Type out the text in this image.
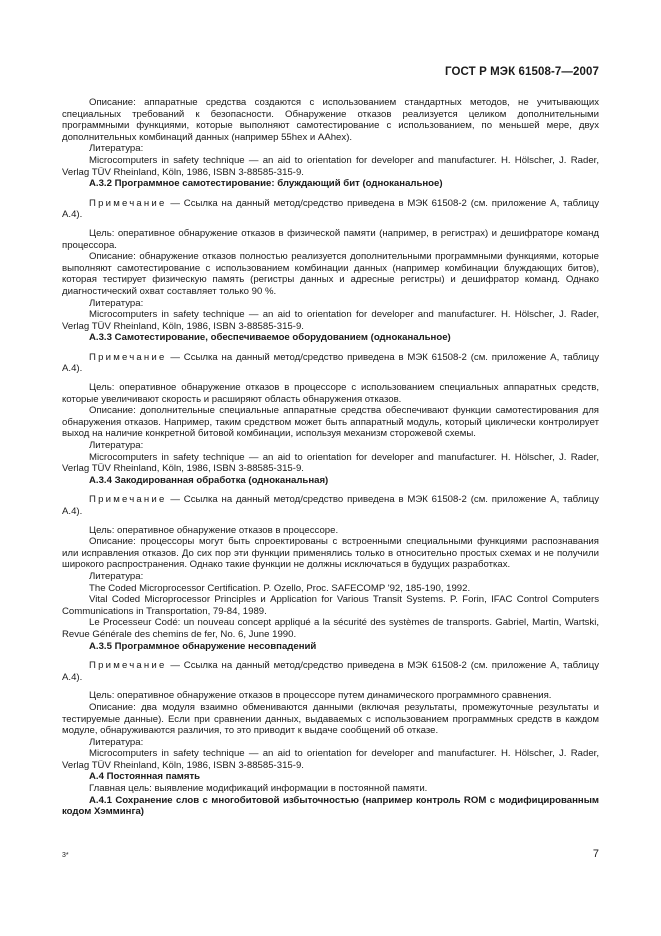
ГОСТ Р МЭК 61508-7—2007

Описание: аппаратные средства создаются с использованием стандартных методов, не учитывающих специальных требований к безопасности. Обнаружение отказов реализуется целиком дополнительными программными функциями, которые выполняют самотестирование с использованием, по меньшей мере, двух дополнительных комбинаций данных (например 55hex и AAhex).

Литература:

Microcomputers in safety technique — an aid to orientation for developer and manufacturer. H. Hölscher, J. Rader, Verlag TÜV Rheinland, Köln, 1986, ISBN 3-88585-315-9.

А.3.2 Программное самотестирование: блуждающий бит (одноканальное)

Примечание — Ссылка на данный метод/средство приведена в МЭК 61508-2 (см. приложение А, таблицу А.4).

Цель: оперативное обнаружение отказов в физической памяти (например, в регистрах) и дешифраторе команд процессора.

Описание: обнаружение отказов полностью реализуется дополнительными программными функциями, которые выполняют самотестирование с использованием комбинации данных (например комбинации блуждающих битов), которая тестирует физическую память (регистры данных и адресные регистры) и дешифратор команд. Однако диагностический охват составляет только 90 %.

Литература:

Microcomputers in safety technique — an aid to orientation for developer and manufacturer. H. Hölscher, J. Rader, Verlag TÜV Rheinland, Köln, 1986, ISBN 3-88585-315-9.

А.3.3 Самотестирование, обеспечиваемое оборудованием (одноканальное)

Примечание — Ссылка на данный метод/средство приведена в МЭК 61508-2 (см. приложение А, таблицу А.4).

Цель: оперативное обнаружение отказов в процессоре с использованием специальных аппаратных средств, которые увеличивают скорость и расширяют область обнаружения отказов.

Описание: дополнительные специальные аппаратные средства обеспечивают функции самотестирования для обнаружения отказов. Например, таким средством может быть аппаратный модуль, который циклически контролирует выход на наличие конкретной битовой комбинации, используя механизм сторожевой схемы.

Литература:

Microcomputers in safety technique — an aid to orientation for developer and manufacturer. H. Hölscher, J. Rader, Verlag TÜV Rheinland, Köln, 1986, ISBN 3-88585-315-9.

А.3.4 Закодированная обработка (одноканальная)

Примечание — Ссылка на данный метод/средство приведена в МЭК 61508-2 (см. приложение А, таблицу А.4).

Цель: оперативное обнаружение отказов в процессоре.

Описание: процессоры могут быть спроектированы с встроенными специальными функциями распознавания или исправления отказов. До сих пор эти функции применялись только в относительно простых схемах и не получили широкого распространения. Однако такие функции не должны исключаться в будущих разработках.

Литература:

The Coded Microprocessor Certification. P. Ozello, Proc. SAFECOMP '92, 185-190, 1992.

Vital Coded Microprocessor Principles и Application for Various Transit Systems. P. Forin, IFAC Control Computers Communications in Transportation, 79-84, 1989.

Le Processeur Codé: un nouveau concept appliqué a la sécurité des systèmes de transports. Gabriel, Martin, Wartski, Revue Générale des chemins de fer, No. 6, June 1990.

А.3.5 Программное обнаружение несовпадений

Примечание — Ссылка на данный метод/средство приведена в МЭК 61508-2 (см. приложение А, таблицу А.4).

Цель: оперативное обнаружение отказов в процессоре путем динамического программного сравнения.

Описание: два модуля взаимно обмениваются данными (включая результаты, промежуточные результаты и тестируемые данные). Если при сравнении данных, выдаваемых с использованием программных средств в каждом модуле, обнаруживаются различия, то это приводит к выдаче сообщений об отказе.

Литература:

Microcomputers in safety technique — an aid to orientation for developer and manufacturer. H. Hölscher, J. Rader, Verlag TÜV Rheinland, Köln, 1986, ISBN 3-88585-315-9.

А.4 Постоянная память

Главная цель: выявление модификаций информации в постоянной памяти.

А.4.1 Сохранение слов с многобитовой избыточностью (например контроль ROM с модифицированным кодом Хэмминга)

3*	7
